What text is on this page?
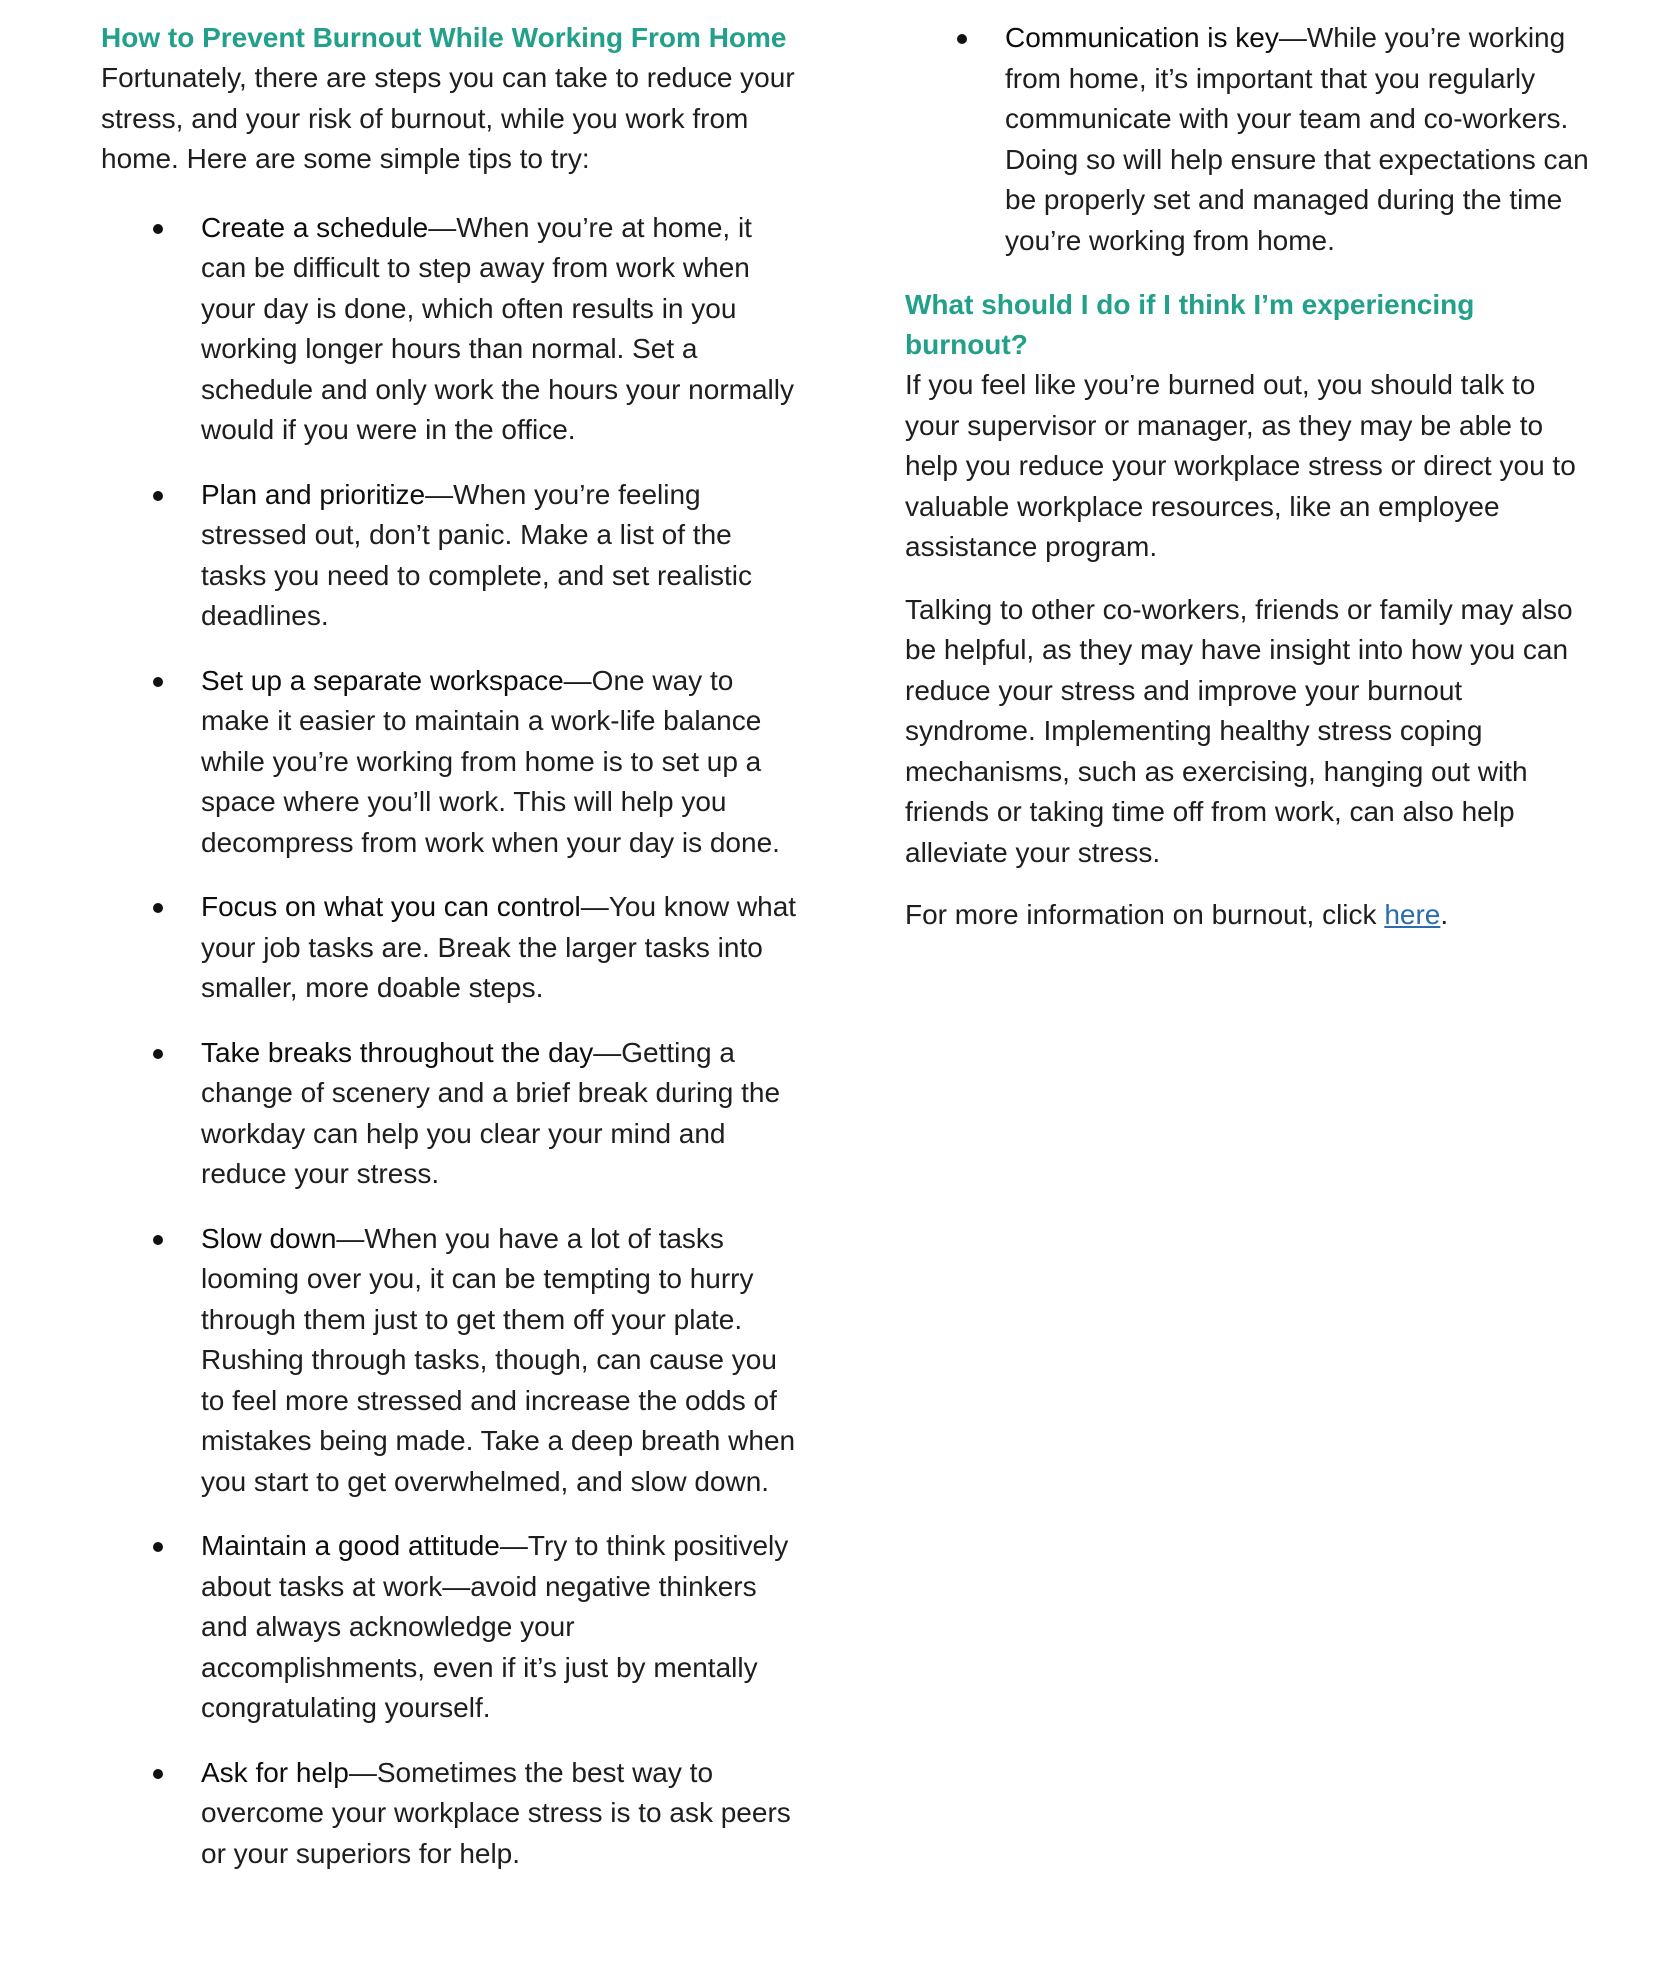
How to Prevent Burnout While Working From Home

Fortunately, there are steps you can take to reduce your stress, and your risk of burnout, while you work from home. Here are some simple tips to try:

Create a schedule—When you’re at home, it can be difficult to step away from work when your day is done, which often results in you working longer hours than normal. Set a schedule and only work the hours your normally would if you were in the office.
Plan and prioritize—When you’re feeling stressed out, don’t panic. Make a list of the tasks you need to complete, and set realistic deadlines.
Set up a separate workspace—One way to make it easier to maintain a work-life balance while you’re working from home is to set up a space where you’ll work. This will help you decompress from work when your day is done.
Focus on what you can control—You know what your job tasks are. Break the larger tasks into smaller, more doable steps.
Take breaks throughout the day—Getting a change of scenery and a brief break during the workday can help you clear your mind and reduce your stress.
Slow down—When you have a lot of tasks looming over you, it can be tempting to hurry through them just to get them off your plate. Rushing through tasks, though, can cause you to feel more stressed and increase the odds of mistakes being made. Take a deep breath when you start to get overwhelmed, and slow down.
Maintain a good attitude—Try to think positively about tasks at work—avoid negative thinkers and always acknowledge your accomplishments, even if it’s just by mentally congratulating yourself.
Ask for help—Sometimes the best way to overcome your workplace stress is to ask peers or your superiors for help.
Communication is key—While you’re working from home, it’s important that you regularly communicate with your team and co-workers. Doing so will help ensure that expectations can be properly set and managed during the time you’re working from home.
What should I do if I think I’m experiencing burnout?

If you feel like you’re burned out, you should talk to your supervisor or manager, as they may be able to help you reduce your workplace stress or direct you to valuable workplace resources, like an employee assistance program.

Talking to other co-workers, friends or family may also be helpful, as they may have insight into how you can reduce your stress and improve your burnout syndrome. Implementing healthy stress coping mechanisms, such as exercising, hanging out with friends or taking time off from work, can also help alleviate your stress.

For more information on burnout, click here.
